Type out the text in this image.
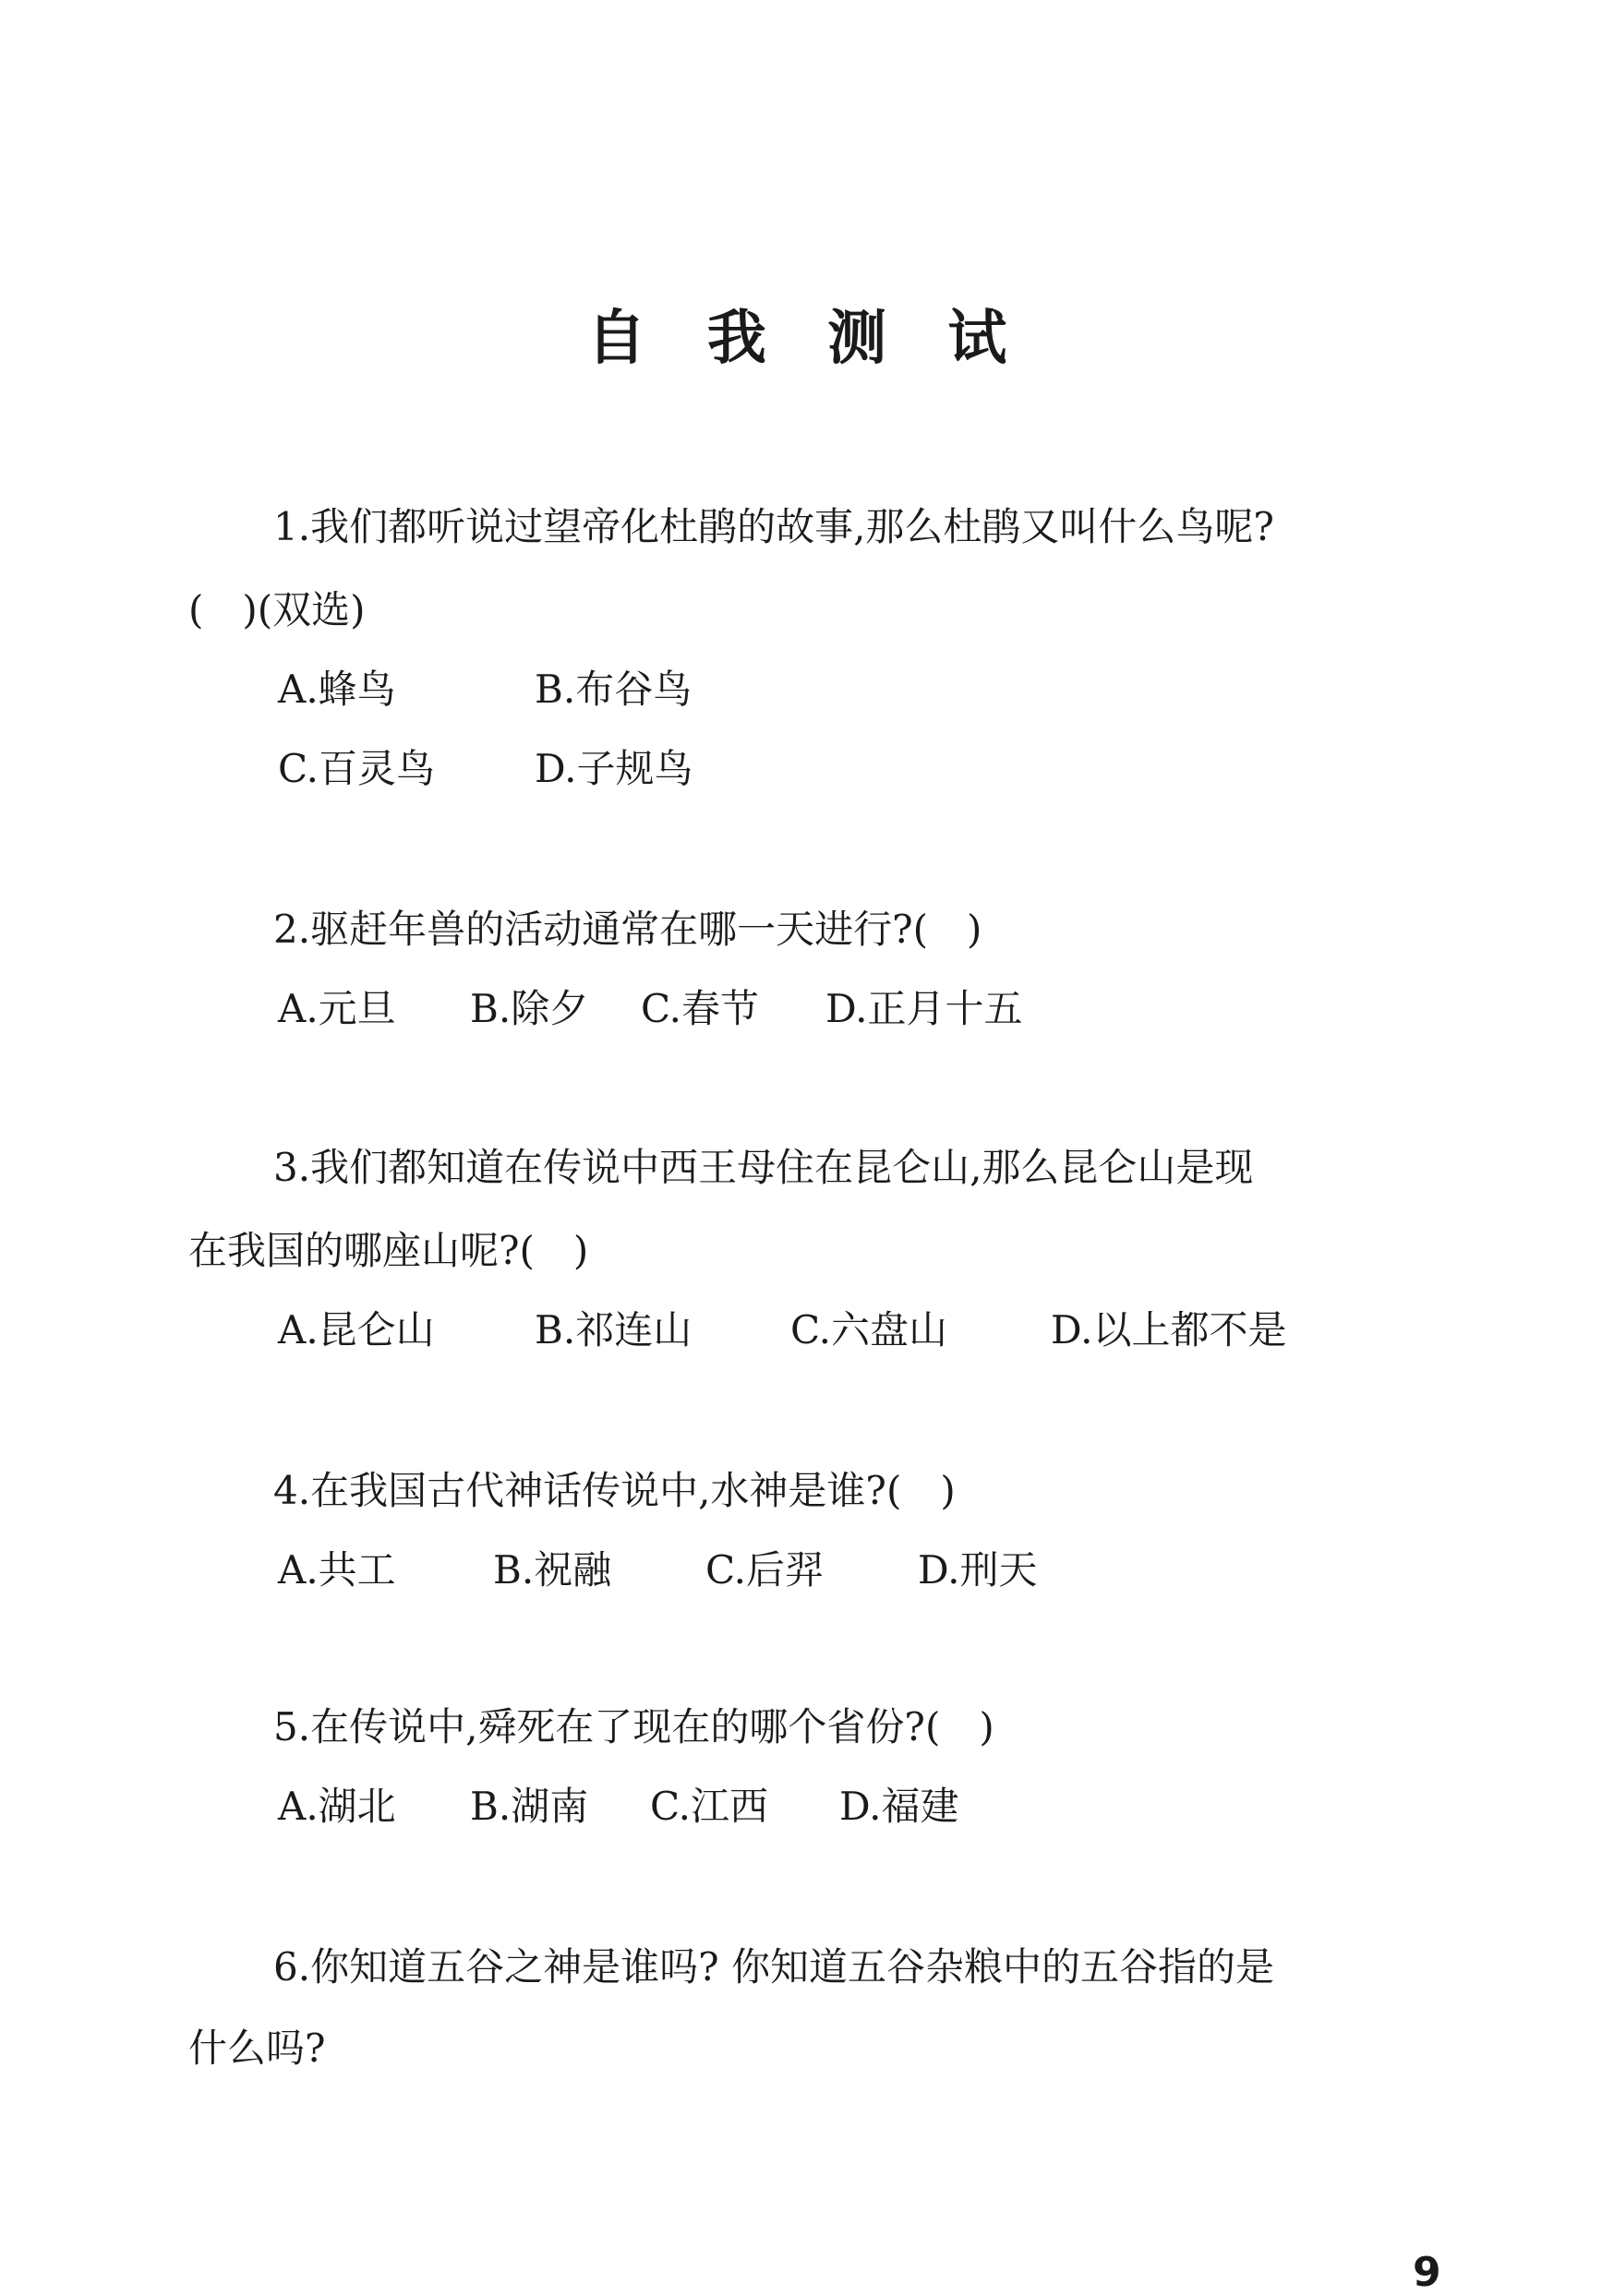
自 我 测 试
1.我们都听说过望帝化杜鹃的故事,那么杜鹃又叫什么鸟呢?
(　)(双选)
A.蜂鸟	B.布谷鸟
C.百灵鸟	D.子规鸟
2.驱赶年兽的活动通常在哪一天进行?(　)
A.元旦 B.除夕 C.春节 D.正月十五
3.我们都知道在传说中西王母住在昆仑山,那么昆仑山是现
在我国的哪座山呢?(　)
A.昆仑山	B.祁连山	C.六盘山	D.以上都不是
4.在我国古代神话传说中,水神是谁?(　)
A.共工	B.祝融 C.后羿 D.刑天
5.在传说中,舜死在了现在的哪个省份?(　)
A.湖北 B.湖南 C.江西 D.福建
6.你知道五谷之神是谁吗? 你知道五谷杂粮中的五谷指的是
什么吗?
9
